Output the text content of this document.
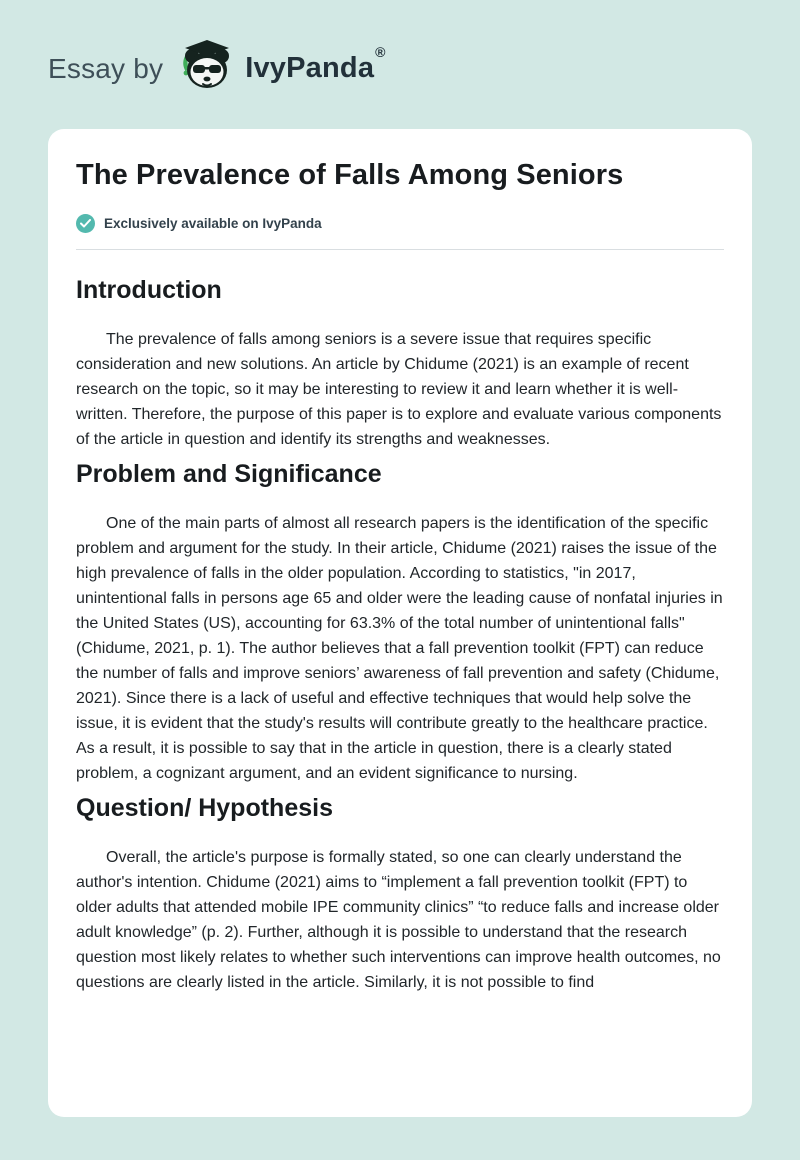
Essay by	IvyPanda®
The Prevalence of Falls Among Seniors
Exclusively available on IvyPanda
Introduction

The prevalence of falls among seniors is a severe issue that requires specific consideration and new solutions. An article by Chidume (2021) is an example of recent research on the topic, so it may be interesting to review it and learn whether it is well-written. Therefore, the purpose of this paper is to explore and evaluate various components of the article in question and identify its strengths and weaknesses.

Problem and Significance

One of the main parts of almost all research papers is the identification of the specific problem and argument for the study. In their article, Chidume (2021) raises the issue of the high prevalence of falls in the older population. According to statistics, "in 2017, unintentional falls in persons age 65 and older were the leading cause of nonfatal injuries in the United States (US), accounting for 63.3% of the total number of unintentional falls" (Chidume, 2021, p. 1). The author believes that a fall prevention toolkit (FPT) can reduce the number of falls and improve seniors’ awareness of fall prevention and safety (Chidume, 2021). Since there is a lack of useful and effective techniques that would help solve the issue, it is evident that the study's results will contribute greatly to the healthcare practice. As a result, it is possible to say that in the article in question, there is a clearly stated problem, a cognizant argument, and an evident significance to nursing.

Question/ Hypothesis

Overall, the article's purpose is formally stated, so one can clearly understand the author's intention. Chidume (2021) aims to “implement a fall prevention toolkit (FPT) to older adults that attended mobile IPE community clinics” “to reduce falls and increase older adult knowledge” (p. 2). Further, although it is possible to understand that the research question most likely relates to whether such interventions can improve health outcomes, no questions are clearly listed in the article. Similarly, it is not possible to find
